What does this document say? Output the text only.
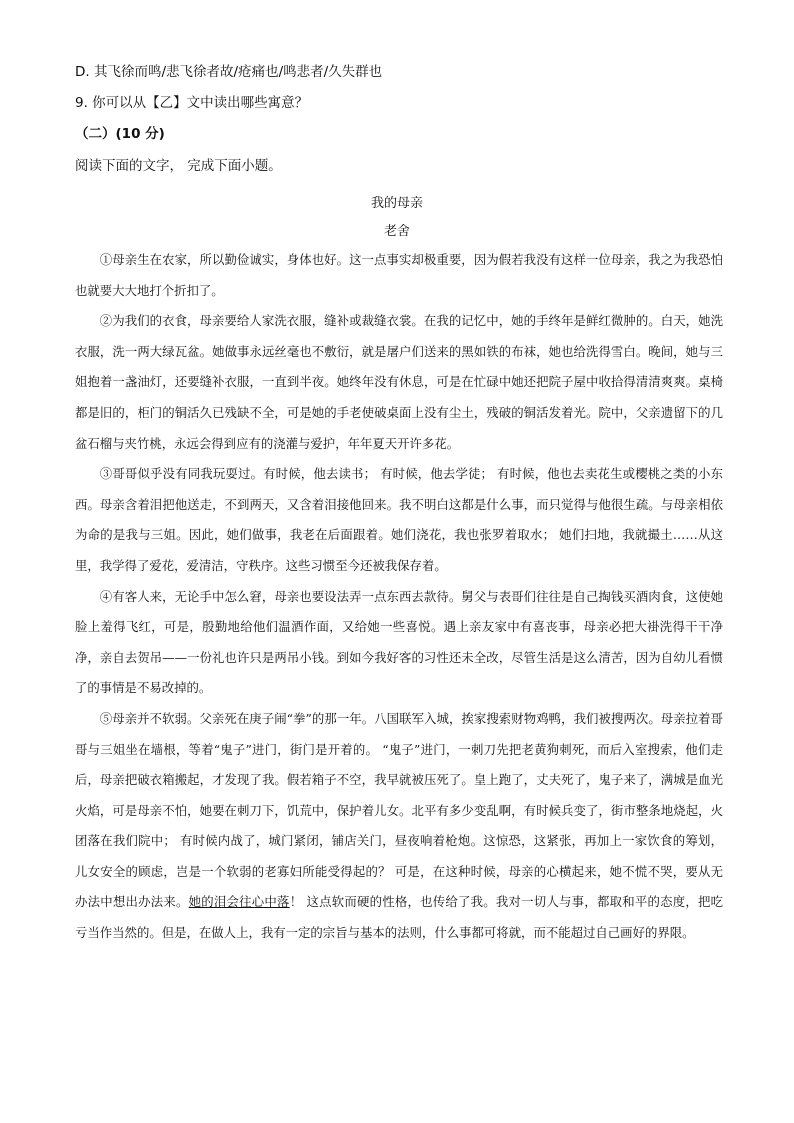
D. 其飞徐而鸣/悲飞徐者故/疮痛也/鸣悲者/久失群也
9. 你可以从【乙】文中读出哪些寓意？
（二）(10 分)
阅读下面的文字， 完成下面小题。
我的母亲
老舍

①母亲生在农家，所以勤俭诚实，身体也好。这一点事实却极重要，因为假若我没有这样一位母亲，我之为我恐怕也就要大大地打个折扣了。

②为我们的衣食，母亲要给人家洗衣服，缝补或裁缝衣裳。在我的记忆中，她的手终年是鲜红微肿的。白天，她洗衣服，洗一两大绿瓦盆。她做事永远丝毫也不敷衍，就是屠户们送来的黑如铁的布袜，她也给洗得雪白。晚间，她与三姐抱着一盏油灯，还要缝补衣服，一直到半夜。她终年没有休息，可是在忙碌中她还把院子屋中收拾得清清爽爽。桌椅都是旧的，柜门的铜活久已残缺不全，可是她的手老使破桌面上没有尘土，残破的铜活发着光。院中，父亲遗留下的几盆石榴与夹竹桃，永远会得到应有的浇灌与爱护，年年夏天开许多花。

③哥哥似乎没有同我玩耍过。有时候，他去读书； 有时候，他去学徒； 有时候，他也去卖花生或樱桃之类的小东西。母亲含着泪把他送走，不到两天，又含着泪接他回来。我不明白这都是什么事，而只觉得与他很生疏。与母亲相依为命的是我与三姐。因此，她们做事，我老在后面跟着。她们浇花，我也张罗着取水； 她们扫地，我就撮土……从这里，我学得了爱花，爱清洁，守秩序。这些习惯至今还被我保存着。

④有客人来，无论手中怎么窘，母亲也要设法弄一点东西去款待。舅父与表哥们往往是自己掏钱买酒肉食，这使她脸上羞得飞红，可是，殷勤地给他们温酒作面，又给她一些喜悦。遇上亲友家中有喜丧事，母亲必把大褂洗得干干净净，亲自去贺吊——一份礼也许只是两吊小钱。到如今我好客的习性还未全改，尽管生活是这么清苦，因为自幼儿看惯了的事情是不易改掉的。

⑤母亲并不软弱。父亲死在庚子闹“拳”的那一年。八国联军入城，挨家搜索财物鸡鸭，我们被搜两次。母亲拉着哥哥与三姐坐在墙根，等着“鬼子”进门，街门是开着的。 “鬼子”进门，一刺刀先把老黄狗刺死，而后入室搜索，他们走后，母亲把破衣箱搬起，才发现了我。假若箱子不空，我早就被压死了。皇上跑了，丈夫死了，鬼子来了，满城是血光火焰，可是母亲不怕，她要在刺刀下，饥荒中，保护着儿女。北平有多少变乱啊，有时候兵变了，街市整条地烧起，火团落在我们院中； 有时候内战了，城门紧闭，铺店关门，昼夜响着枪炮。这惊恐，这紧张，再加上一家饮食的筹划，儿女安全的顾虑，岂是一个软弱的老寡妇所能受得起的？ 可是，在这种时候，母亲的心横起来，她不慌不哭，要从无办法中想出办法来。她的泪会往心中落！ 这点软而硬的性格，也传给了我。我对一切人与事，都取和平的态度，把吃亏当作当然的。但是，在做人上，我有一定的宗旨与基本的法则，什么事都可将就，而不能超过自己画好的界限。
